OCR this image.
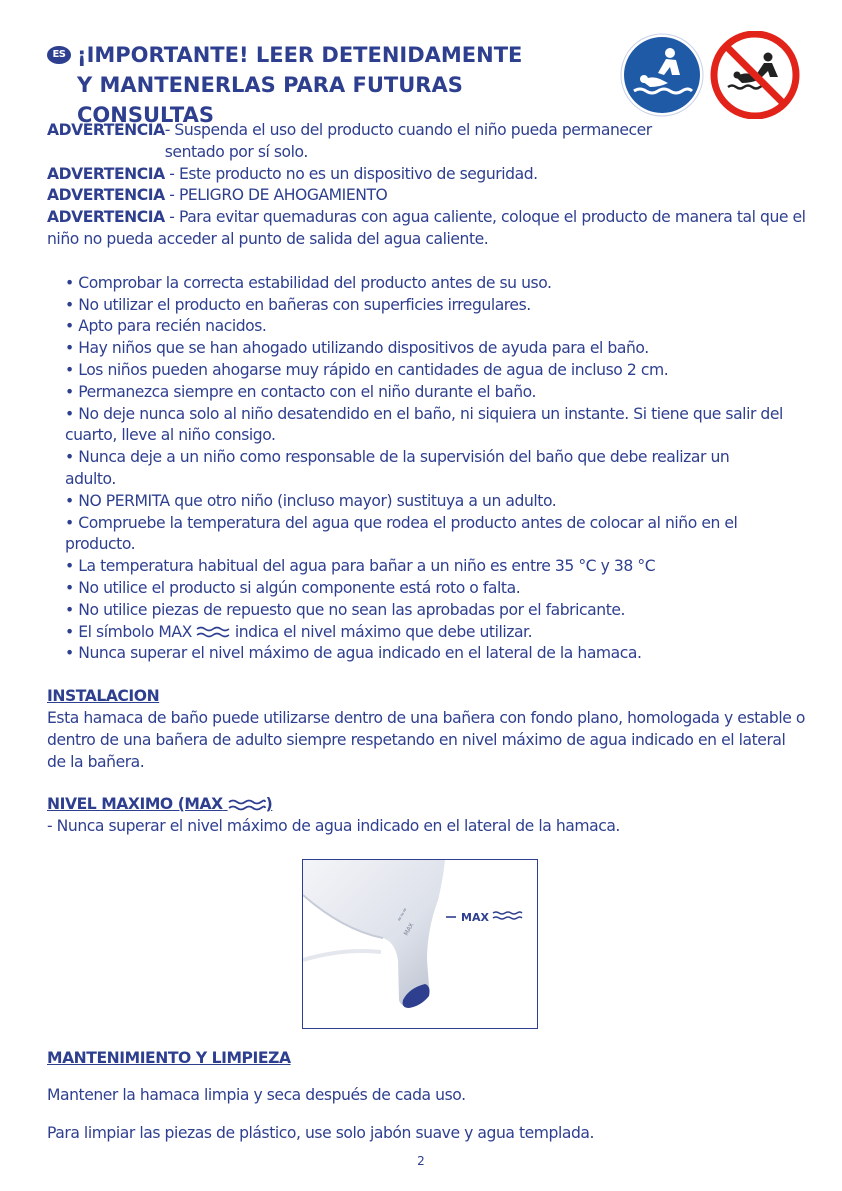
ES ¡IMPORTANTE! LEER DETENIDAMENTE
Y MANTENERLAS PARA FUTURAS CONSULTAS

ADVERTENCIA- Suspenda el uso del producto cuando el niño pueda permanecer sentado por sí solo.

ADVERTENCIA - Este producto no es un dispositivo de seguridad.

ADVERTENCIA - PELIGRO DE AHOGAMIENTO

ADVERTENCIA - Para evitar quemaduras con agua caliente, coloque el producto de manera tal que el niño no pueda acceder al punto de salida del agua caliente.

• Comprobar la correcta estabilidad del producto antes de su uso.
• No utilizar el producto en bañeras con superficies irregulares.
• Apto para recién nacidos.
• Hay niños que se han ahogado utilizando dispositivos de ayuda para el baño.
• Los niños pueden ahogarse muy rápido en cantidades de agua de incluso 2 cm.
• Permanezca siempre en contacto con el niño durante el baño.
• No deje nunca solo al niño desatendido en el baño, ni siquiera un instante. Si tiene que salir del cuarto, lleve al niño consigo.
• Nunca deje a un niño como responsable de la supervisión del baño que debe realizar un adulto.
• NO PERMITA que otro niño (incluso mayor) sustituya a un adulto.
• Compruebe la temperatura del agua que rodea el producto antes de colocar al niño en el producto.
• La temperatura habitual del agua para bañar a un niño es entre 35 °C y 38 °C
• No utilice el producto si algún componente está roto o falta.
• No utilice piezas de repuesto que no sean las aprobadas por el fabricante.
• El símbolo MAX	indica el nivel máximo que debe utilizar.
• Nunca superar el nivel máximo de agua indicado en el lateral de la hamaca.
INSTALACION

Esta hamaca de baño puede utilizarse dentro de una bañera con fondo plano, homologada y estable o dentro de una bañera de adulto siempre respetando en nivel máximo de agua indicado en el lateral de la bañera.

NIVEL MAXIMO (MAX	)

- Nunca superar el nivel máximo de agua indicado en el lateral de la hamaca.

≈≈≈
MAX
MAX
MANTENIMIENTO Y LIMPIEZA

Mantener la hamaca limpia y seca después de cada uso.

Para limpiar las piezas de plástico, use solo jabón suave y agua templada.

2
